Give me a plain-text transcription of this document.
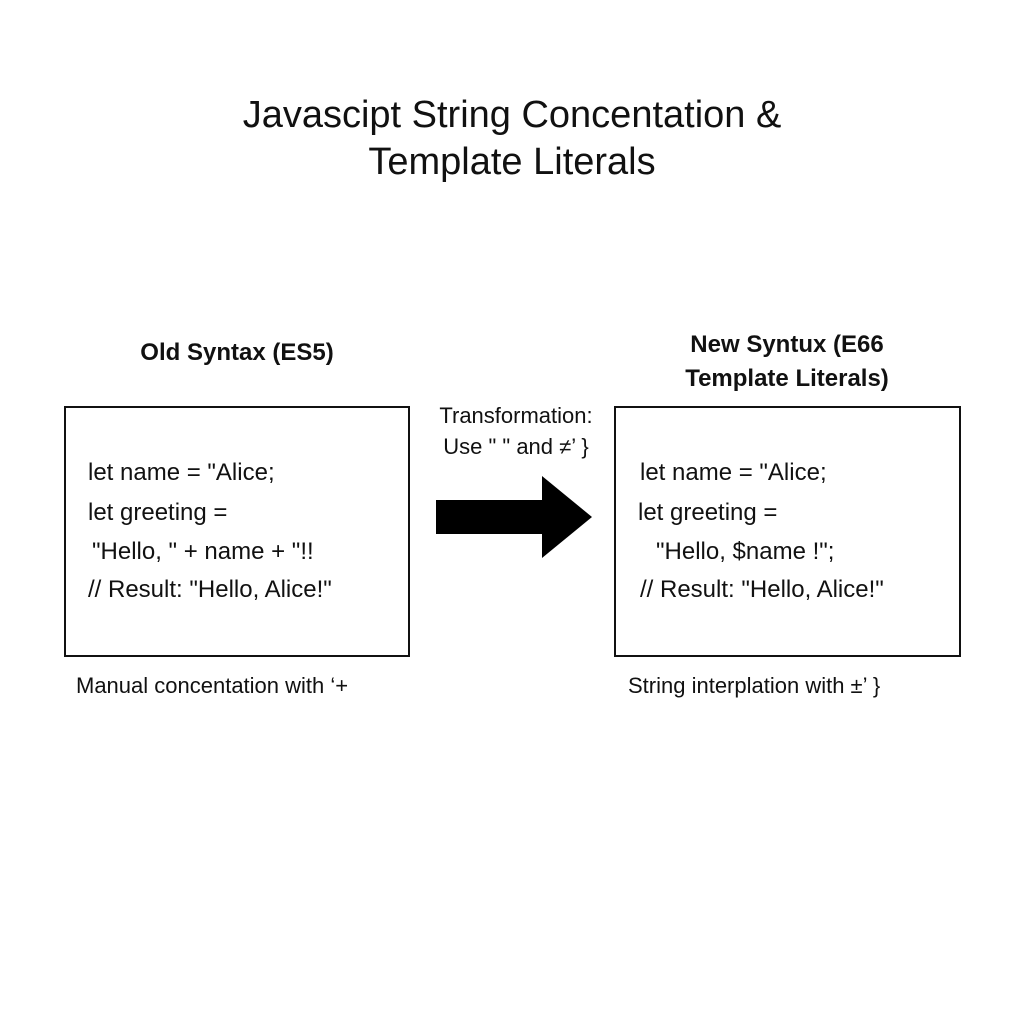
Javascipt String Concentation &
Template Literals
Old Syntax (ES5)
let name = "Alice;
let greeting =
"Hello, " + name + "!!
// Result: "Hello, Alice!"
Manual concentation with ‘+
Transformation:
Use " " and ≠’ }
New Syntux (E66
Template Literals)
let name = "Alice;
let greeting =
"Hello, $name !";
// Result: "Hello, Alice!"
String interplation with ±’ }
